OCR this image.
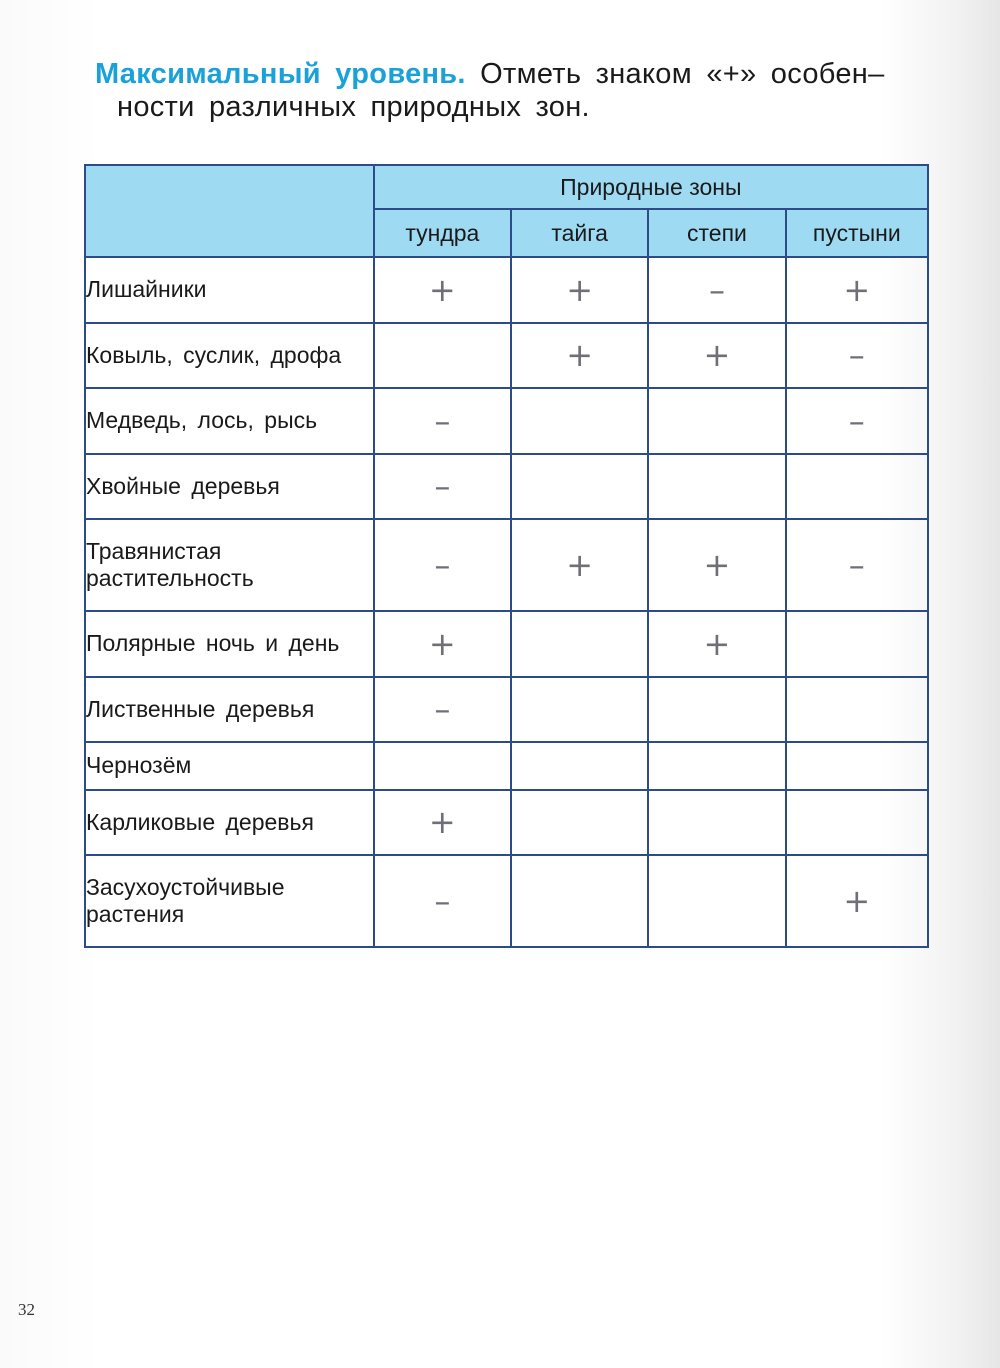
Максимальный уровень. Отметь знаком «+» особен–
ности различных природных зон.
	Природные зоны			
	тундра	тайга	степи	пустыни
Лишайники	+	+	–	+
Ковыль, суслик, дрофа		+	+	–
Медведь, лось, рысь	–			–
Хвойные деревья	–			
Травянистая растительность	–	+	+	–
Полярные ночь и день	+		+	
Лиственные деревья	–			
Чернозём				
Карликовые деревья	+			
Засухоустойчивые растения	–			+
32
